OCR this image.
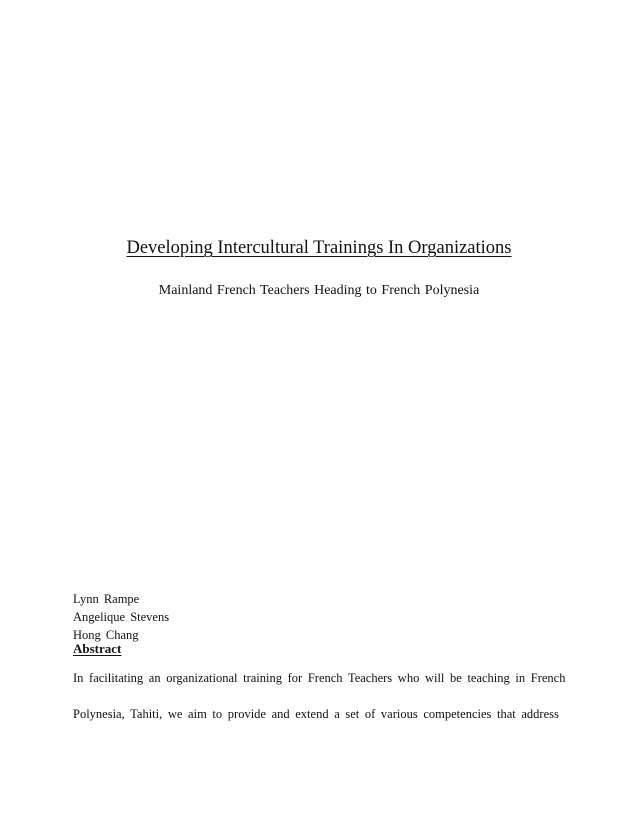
Developing Intercultural Trainings In Organizations
Mainland French Teachers Heading to French Polynesia
Lynn Rampe
Angelique Stevens
Hong Chang
Abstract
In facilitating an organizational training for French Teachers who will be teaching in French
Polynesia, Tahiti, we aim to provide and extend a set of various competencies that address
